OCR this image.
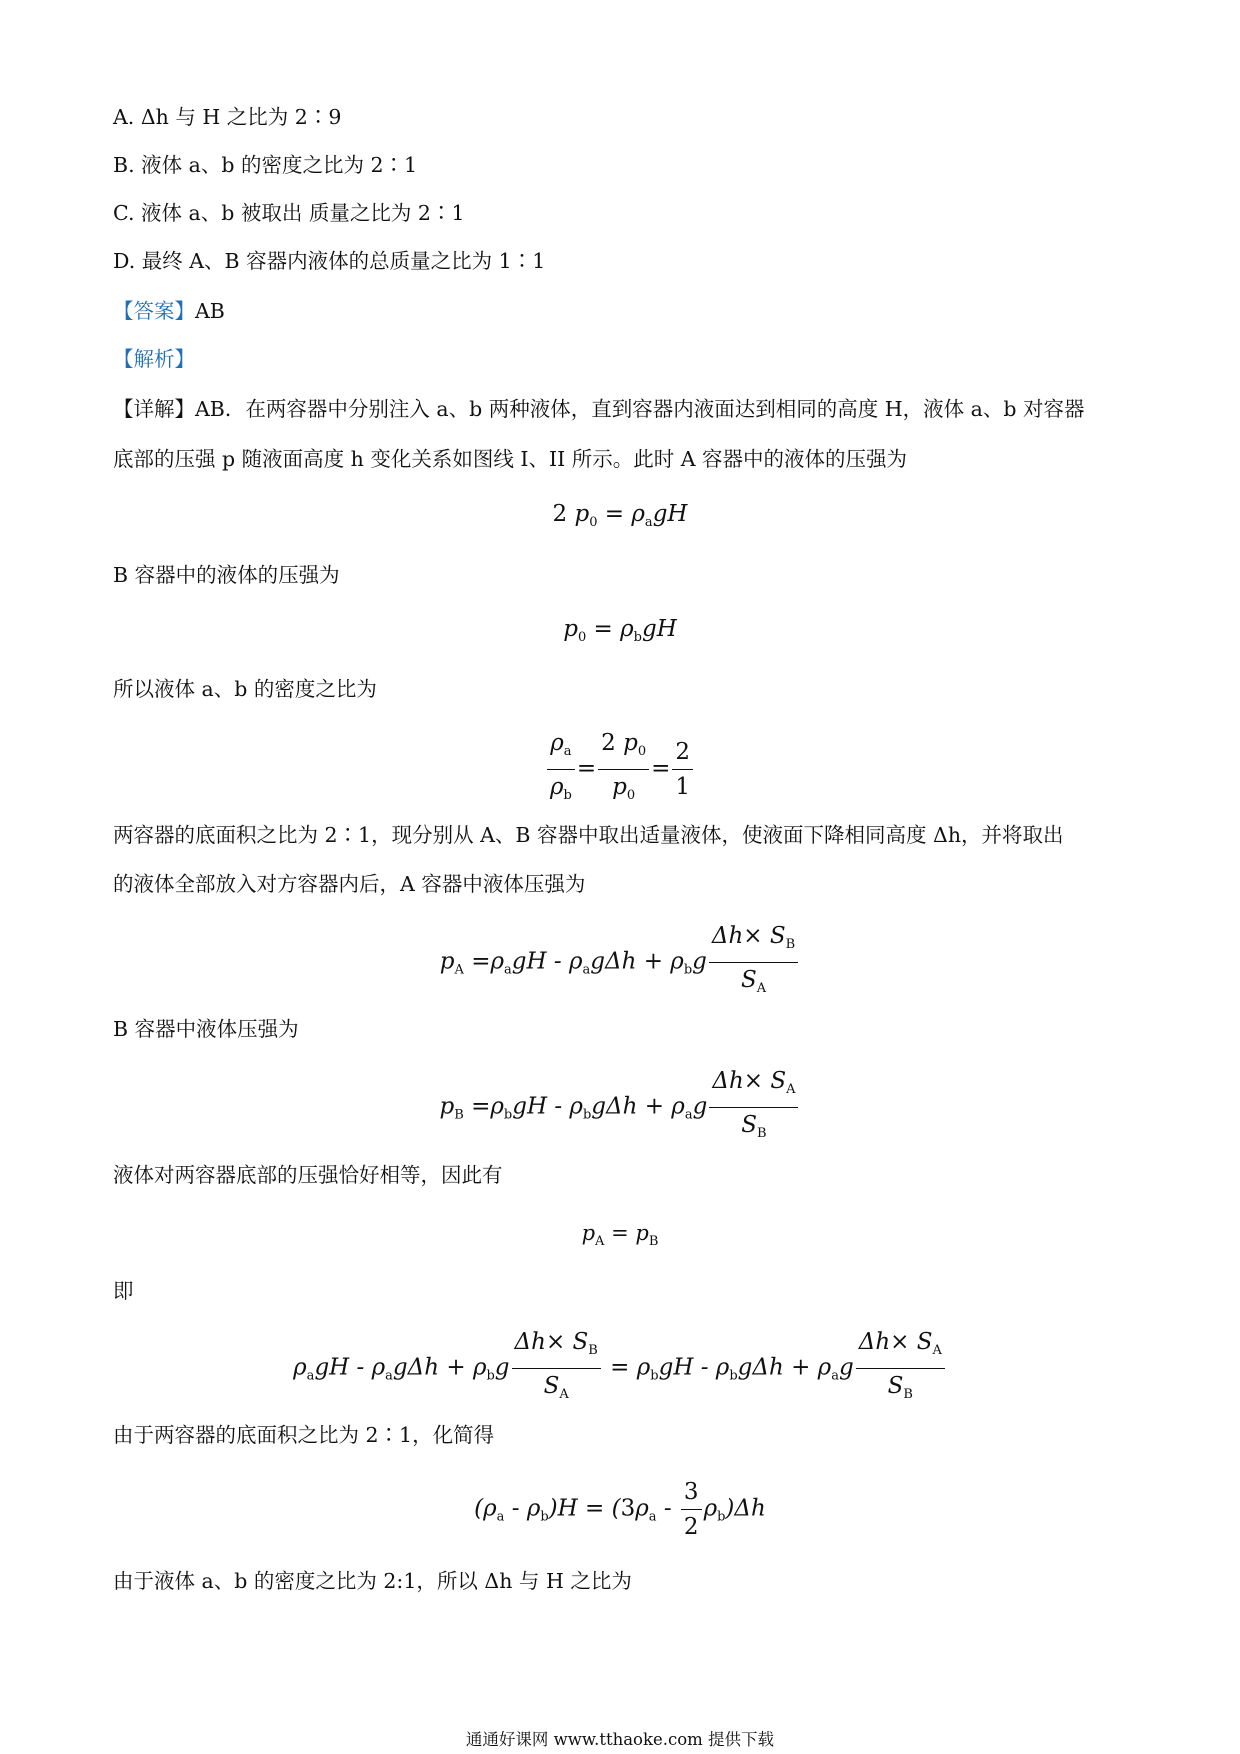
A. Δh 与 H 之比为 2∶9
B. 液体 a、b 的密度之比为 2∶1
C. 液体 a、b 被取出 质量之比为 2∶1
D. 最终 A、B 容器内液体的总质量之比为 1∶1
【答案】AB
【解析】
【详解】AB．在两容器中分别注入 a、b 两种液体，直到容器内液面达到相同的高度 H，液体 a、b 对容器
底部的压强 p 随液面高度 h 变化关系如图线 I、II 所示。此时 A 容器中的液体的压强为
2 $p_0 = \rho_agH$
B 容器中的液体的压强为
$p_0 = \rho_bgH$
所以液体 a、b 的密度之比为
$\frac{\rho_a}{\rho_b} = \frac{2 p_0}{p_0} = \frac{2}{1}$
两容器的底面积之比为 2∶1，现分别从 A、B 容器中取出适量液体，使液面下降相同高度 Δh，并将取出
的液体全部放入对方容器内后，A 容器中液体压强为
$p_A =\rho_agH - \rho_ag\Delta h + \rho_bg \frac{\Delta h\times S_B}{S_A}$
B 容器中液体压强为
$p_B =\rho_bgH - \rho_bg\Delta h + \rho_ag \frac{\Delta h\times S_A}{S_B}$
液体对两容器底部的压强恰好相等，因此有
$p_A = p_B$
即
$\rho_agH - \rho_ag\Delta h + \rho_bg \frac{\Delta h\times S_B}{S_A} = \rho_bgH - \rho_bg\Delta h + \rho_ag \frac{\Delta h\times S_A}{S_B}$
由于两容器的底面积之比为 2∶1，化简得
$(\rho_a - \rho_b)H = (3\rho_a - \frac{3}{2} \rho_b)\Delta h$
由于液体 a、b 的密度之比为 2:1，所以 Δh 与 H 之比为
通通好课网 www.tthaoke.com 提供下载
